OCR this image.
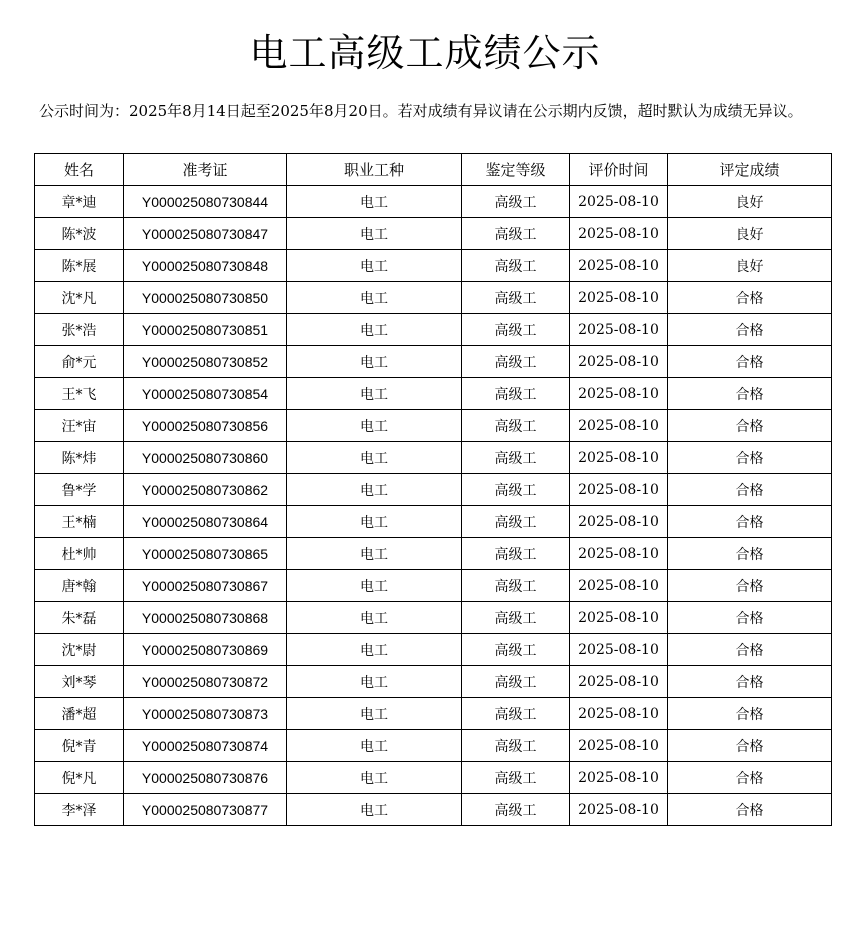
电工高级工成绩公示
公示时间为：2025年8月14日起至2025年8月20日。若对成绩有异议请在公示期内反馈，超时默认为成绩无异议。
姓名	准考证	职业工种	鉴定等级	评价时间	评定成绩
章*迪	Y000025080730844	电工	高级工	2025-08-10	良好
陈*波	Y000025080730847	电工	高级工	2025-08-10	良好
陈*展	Y000025080730848	电工	高级工	2025-08-10	良好
沈*凡	Y000025080730850	电工	高级工	2025-08-10	合格
张*浩	Y000025080730851	电工	高级工	2025-08-10	合格
俞*元	Y000025080730852	电工	高级工	2025-08-10	合格
王*飞	Y000025080730854	电工	高级工	2025-08-10	合格
汪*宙	Y000025080730856	电工	高级工	2025-08-10	合格
陈*炜	Y000025080730860	电工	高级工	2025-08-10	合格
鲁*学	Y000025080730862	电工	高级工	2025-08-10	合格
王*楠	Y000025080730864	电工	高级工	2025-08-10	合格
杜*帅	Y000025080730865	电工	高级工	2025-08-10	合格
唐*翰	Y000025080730867	电工	高级工	2025-08-10	合格
朱*磊	Y000025080730868	电工	高级工	2025-08-10	合格
沈*尉	Y000025080730869	电工	高级工	2025-08-10	合格
刘*琴	Y000025080730872	电工	高级工	2025-08-10	合格
潘*超	Y000025080730873	电工	高级工	2025-08-10	合格
倪*青	Y000025080730874	电工	高级工	2025-08-10	合格
倪*凡	Y000025080730876	电工	高级工	2025-08-10	合格
李*泽	Y000025080730877	电工	高级工	2025-08-10	合格
